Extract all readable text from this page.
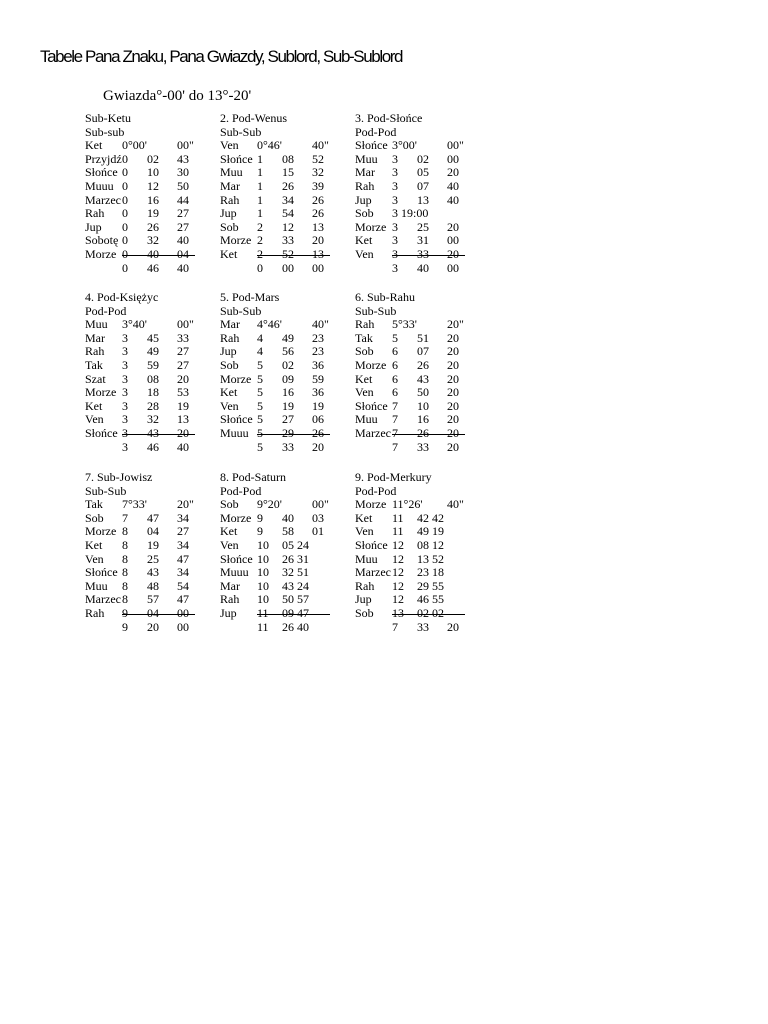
Tabele Pana Znaku, Pana Gwiazdy, Sublord, Sub-Sublord
Gwiazda°-00' do 13°-20'
Sub-Ketu
Sub-sub
Ket 0°00'	00"
Przyjdź 0 02 43
Słońce 0 10 30
Muuu 0 12 50
Marzec 0 16 44
Rah 0 19 27
Jup 0 26 27
Sobotę 0 32 40
Morze 0 40 04
0 46 40
2. Pod-Wenus
Sub-Sub
Ven 0°46'	40"
Słońce 1 08 52
Muu 1 15 32
Mar 1 26 39
Rah 1 34 26
Jup 1 54 26
Sob 2 12 13
Morze 2 33 20
Ket 2 52 13
0 00 00
3. Pod-Słońce
Pod-Pod
Słońce 3°00'	00"
Muu 3 02 00
Mar 3 05 20
Rah 3 07 40
Jup 3 13 40
Sob 3 19:00
Morze 3 25 20
Ket 3 31 00
Ven 3 33 20
3 40 00
4. Pod-Księżyc
Pod-Pod
Muu 3°40'	00"
Mar 3 45 33
Rah 3 49 27
Tak 3 59 27
Szat 3 08 20
Morze 3 18 53
Ket 3 28 19
Ven 3 32 13
Słońce 3 43 20
3 46 40
5. Pod-Mars
Sub-Sub
Mar 4°46'	40"
Rah 4 49 23
Jup 4 56 23
Sob 5 02 36
Morze 5 09 59
Ket 5 16 36
Ven 5 19 19
Słońce 5 27 06
Muuu 5 29 26
5 33 20
6. Sub-Rahu
Sub-Sub
Rah 5°33'	20"
Tak 5 51 20
Sob 6 07 20
Morze 6 26 20
Ket 6 43 20
Ven 6 50 20
Słońce 7 10 20
Muu 7 16 20
Marzec 7 26 20
7 33 20
7. Sub-Jowisz
Sub-Sub
Tak 7°33'	20"
Sob 7 47 34
Morze 8 04 27
Ket 8 19 34
Ven 8 25 47
Słońce 8 43 34
Muu 8 48 54
Marzec 8 57 47
Rah 9 04 00
9 20 00
8. Pod-Saturn
Pod-Pod
Sob 9°20'	00"
Morze 9 40 03
Ket 9 58 01
Ven 10 05 24
Słońce 10 26 31
Muuu 10 32 51
Mar 10 43 24
Rah 10 50 57
Jup 11 09 47
11 26 40
9. Pod-Merkury
Pod-Pod
Morze 11°26' 40"
Ket 11 42 42
Ven 11 49 19
Słońce 12 08 12
Muu 12 13 52
Marzec 12 23 18
Rah 12 29 55
Jup 12 46 55
Sob 13 02 02
7 33 20
